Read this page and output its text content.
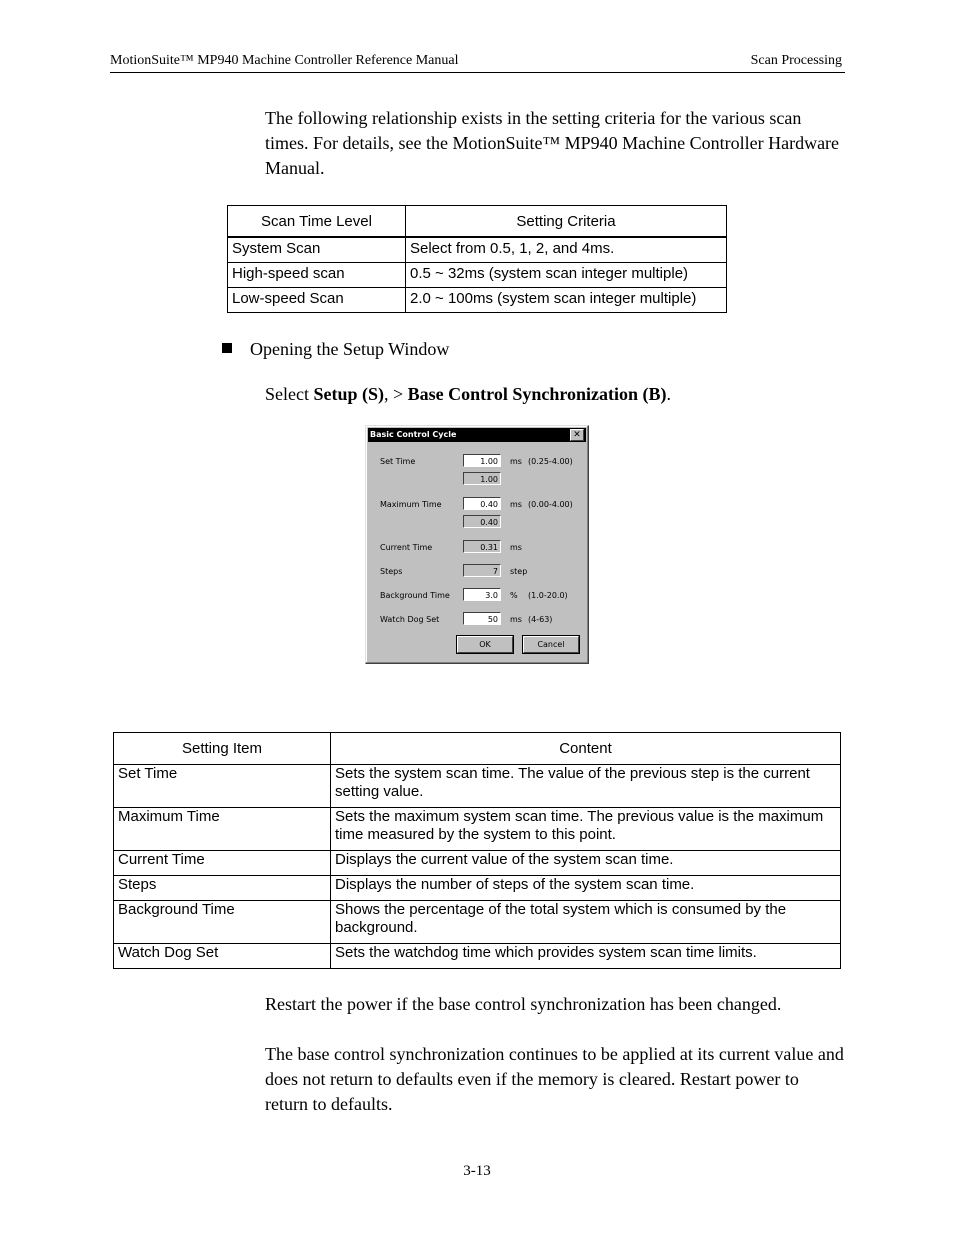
MotionSuite™ MP940 Machine Controller Reference Manual	Scan Processing
The following relationship exists in the setting criteria for the various scan times. For details, see the MotionSuite™ MP940 Machine Controller Hardware Manual.
Scan Time Level	Setting Criteria
System Scan	Select from 0.5, 1, 2, and 4ms.
High-speed scan	0.5 ~ 32ms (system scan integer multiple)
Low-speed Scan	2.0 ~ 100ms (system scan integer multiple)
Opening the Setup Window
Select Setup (S), > Base Control Synchronization (B).
Basic Control Cycle	✕
Set Time	1.00	ms (0.25-4.00)
1.00
Maximum Time	0.40	ms (0.00-4.00)
0.40
Current Time	0.31	ms
Steps	7	step
Background Time	3.0	% (1.0-20.0)
Watch Dog Set	50	ms (4-63)
OK	Cancel
Setting Item	Content
Set Time	Sets the system scan time. The value of the previous step is the current setting value.
Maximum Time	Sets the maximum system scan time. The previous value is the maximum time measured by the system to this point.
Current Time	Displays the current value of the system scan time.
Steps	Displays the number of steps of the system scan time.
Background Time	Shows the percentage of the total system which is consumed by the background.
Watch Dog Set	Sets the watchdog time which provides system scan time limits.
Restart the power if the base control synchronization has been changed.
The base control synchronization continues to be applied at its current value and does not return to defaults even if the memory is cleared. Restart power to return to defaults.
3-13
